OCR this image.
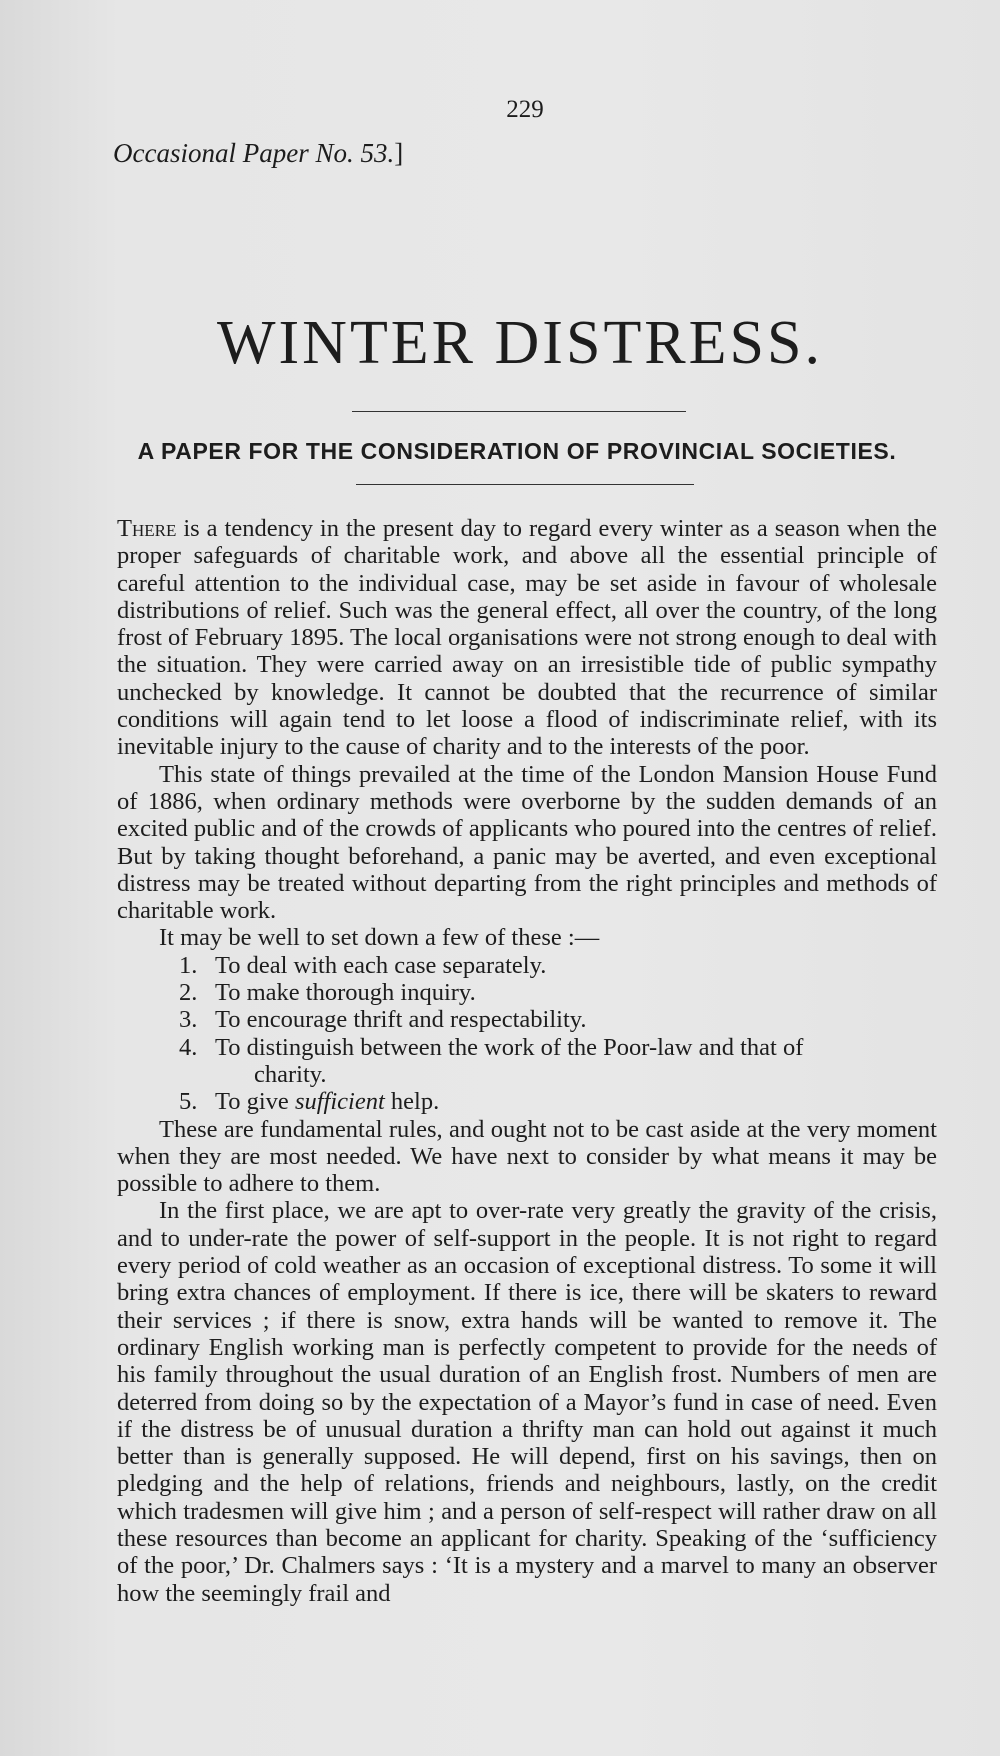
229
Occasional Paper No. 53.]
WINTER DISTRESS.
A PAPER FOR THE CONSIDERATION OF PROVINCIAL SOCIETIES.

There is a tendency in the present day to regard every winter as a season when the proper safeguards of charitable work, and above all the essential principle of careful attention to the individual case, may be set aside in favour of wholesale distributions of relief. Such was the general effect, all over the country, of the long frost of February 1895. The local organisations were not strong enough to deal with the situation. They were carried away on an irresistible tide of public sympathy unchecked by knowledge. It cannot be doubted that the recurrence of similar conditions will again tend to let loose a flood of indiscriminate relief, with its inevitable injury to the cause of charity and to the interests of the poor.

This state of things prevailed at the time of the London Mansion House Fund of 1886, when ordinary methods were overborne by the sudden demands of an excited public and of the crowds of applicants who poured into the centres of relief. But by taking thought beforehand, a panic may be averted, and even exceptional distress may be treated without departing from the right principles and methods of charitable work.

It may be well to set down a few of these :—

1. To deal with each case separately.
2. To make thorough inquiry.
3. To encourage thrift and respectability.
4. To distinguish between the work of the Poor-law and that of
charity.
5. To give sufficient help.

These are fundamental rules, and ought not to be cast aside at the very moment when they are most needed. We have next to consider by what means it may be possible to adhere to them.

In the first place, we are apt to over-rate very greatly the gravity of the crisis, and to under-rate the power of self-support in the people. It is not right to regard every period of cold weather as an occasion of exceptional distress. To some it will bring extra chances of employment. If there is ice, there will be skaters to reward their services ; if there is snow, extra hands will be wanted to remove it. The ordinary English working man is perfectly competent to provide for the needs of his family throughout the usual duration of an English frost. Numbers of men are deterred from doing so by the expectation of a Mayor’s fund in case of need. Even if the distress be of unusual duration a thrifty man can hold out against it much better than is generally supposed. He will depend, first on his savings, then on pledging and the help of relations, friends and neighbours, lastly, on the credit which tradesmen will give him ; and a person of self-respect will rather draw on all these resources than become an applicant for charity. Speaking of the ‘sufficiency of the poor,’ Dr. Chalmers says : ‘It is a mystery and a marvel to many an observer how the seemingly frail and
